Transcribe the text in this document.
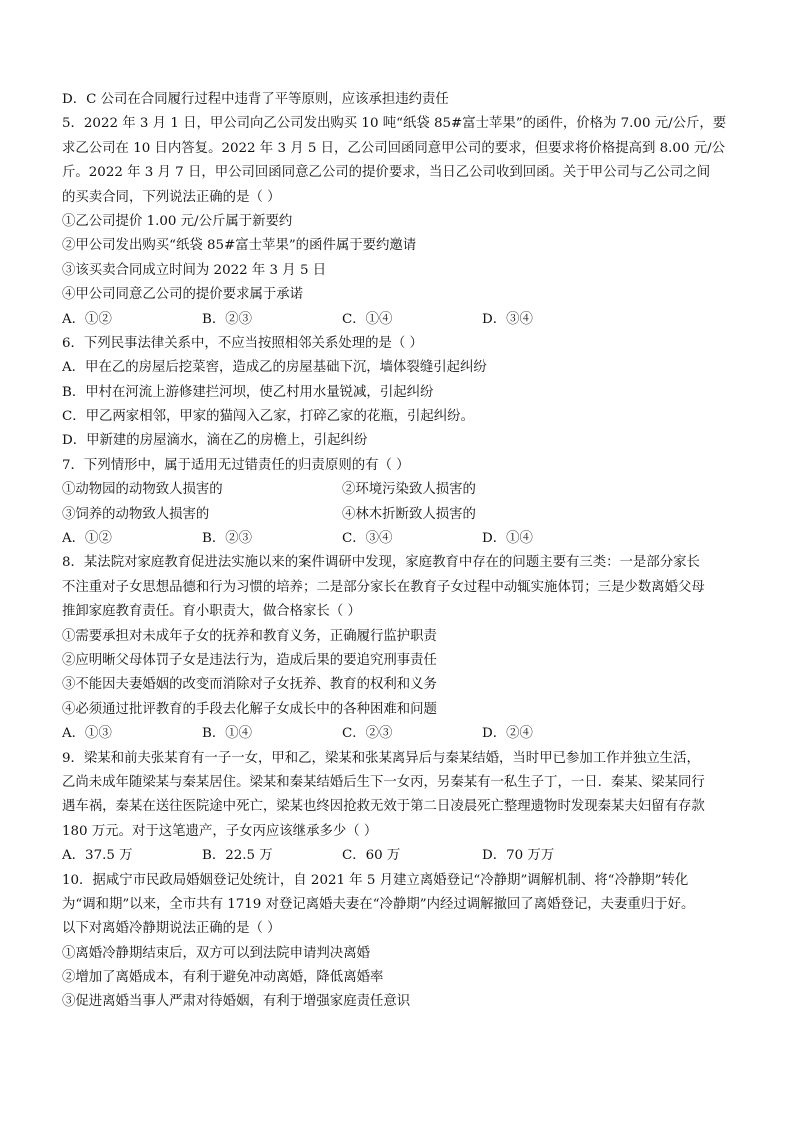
D．C 公司在合同履行过程中违背了平等原则，应该承担违约责任
5．2022 年 3 月 1 日，甲公司向乙公司发出购买 10 吨“纸袋 85#富士苹果”的函件，价格为 7.00 元/公斤，要
求乙公司在 10 日内答复。2022 年 3 月 5 日，乙公司回函同意甲公司的要求，但要求将价格提高到 8.00 元/公
斤。2022 年 3 月 7 日，甲公司回函同意乙公司的提价要求，当日乙公司收到回函。关于甲公司与乙公司之间
的买卖合同，下列说法正确的是（ ）
①乙公司提价 1.00 元/公斤属于新要约
②甲公司发出购买“纸袋 85#富士苹果”的函件属于要约邀请
③该买卖合同成立时间为 2022 年 3 月 5 日
④甲公司同意乙公司的提价要求属于承诺
A．①②	B．②③	C．①④	D．③④
6．下列民事法律关系中，不应当按照相邻关系处理的是（ ）
A．甲在乙的房屋后挖菜窖，造成乙的房屋基础下沉，墙体裂缝引起纠纷
B．甲村在河流上游修建拦河坝，使乙村用水量锐减，引起纠纷
C．甲乙两家相邻，甲家的猫闯入乙家，打碎乙家的花瓶，引起纠纷。
D．甲新建的房屋滴水，滴在乙的房檐上，引起纠纷
7．下列情形中，属于适用无过错责任的归责原则的有（ ）
①动物园的动物致人损害的	②环境污染致人损害的
③饲养的动物致人损害的	④林木折断致人损害的
A．①②	B．②③	C．③④	D．①④
8．某法院对家庭教育促进法实施以来的案件调研中发现，家庭教育中存在的问题主要有三类：一是部分家长
不注重对子女思想品德和行为习惯的培养；二是部分家长在教育子女过程中动辄实施体罚；三是少数离婚父母
推卸家庭教育责任。育小职责大，做合格家长（ ）
①需要承担对未成年子女的抚养和教育义务，正确履行监护职责
②应明晰父母体罚子女是违法行为，造成后果的要追究刑事责任
③不能因夫妻婚姻的改变而消除对子女抚养、教育的权利和义务
④必须通过批评教育的手段去化解子女成长中的各种困难和问题
A．①③	B．①④	C．②③	D．②④
9．梁某和前夫张某育有一子一女，甲和乙，梁某和张某离异后与秦某结婚，当时甲已参加工作并独立生活，
乙尚未成年随梁某与秦某居住。梁某和秦某结婚后生下一女丙，另秦某有一私生子丁，一日．秦某、梁某同行
遇车祸，秦某在送往医院途中死亡，梁某也终因抢救无效于第二日凌晨死亡整理遗物时发现秦某夫妇留有存款
180 万元。对于这笔遗产，子女丙应该继承多少（ ）
A．37.5 万	B．22.5 万	C．60 万	D．70 万万
10．据咸宁市民政局婚姻登记处统计，自 2021 年 5 月建立离婚登记“冷静期”调解机制、将“冷静期”转化
为“调和期”以来，全市共有 1719 对登记离婚夫妻在“冷静期”内经过调解撤回了离婚登记，夫妻重归于好。
以下对离婚冷静期说法正确的是（ ）
①离婚冷静期结束后，双方可以到法院申请判决离婚
②增加了离婚成本，有利于避免冲动离婚，降低离婚率
③促进离婚当事人严肃对待婚姻，有利于增强家庭责任意识
